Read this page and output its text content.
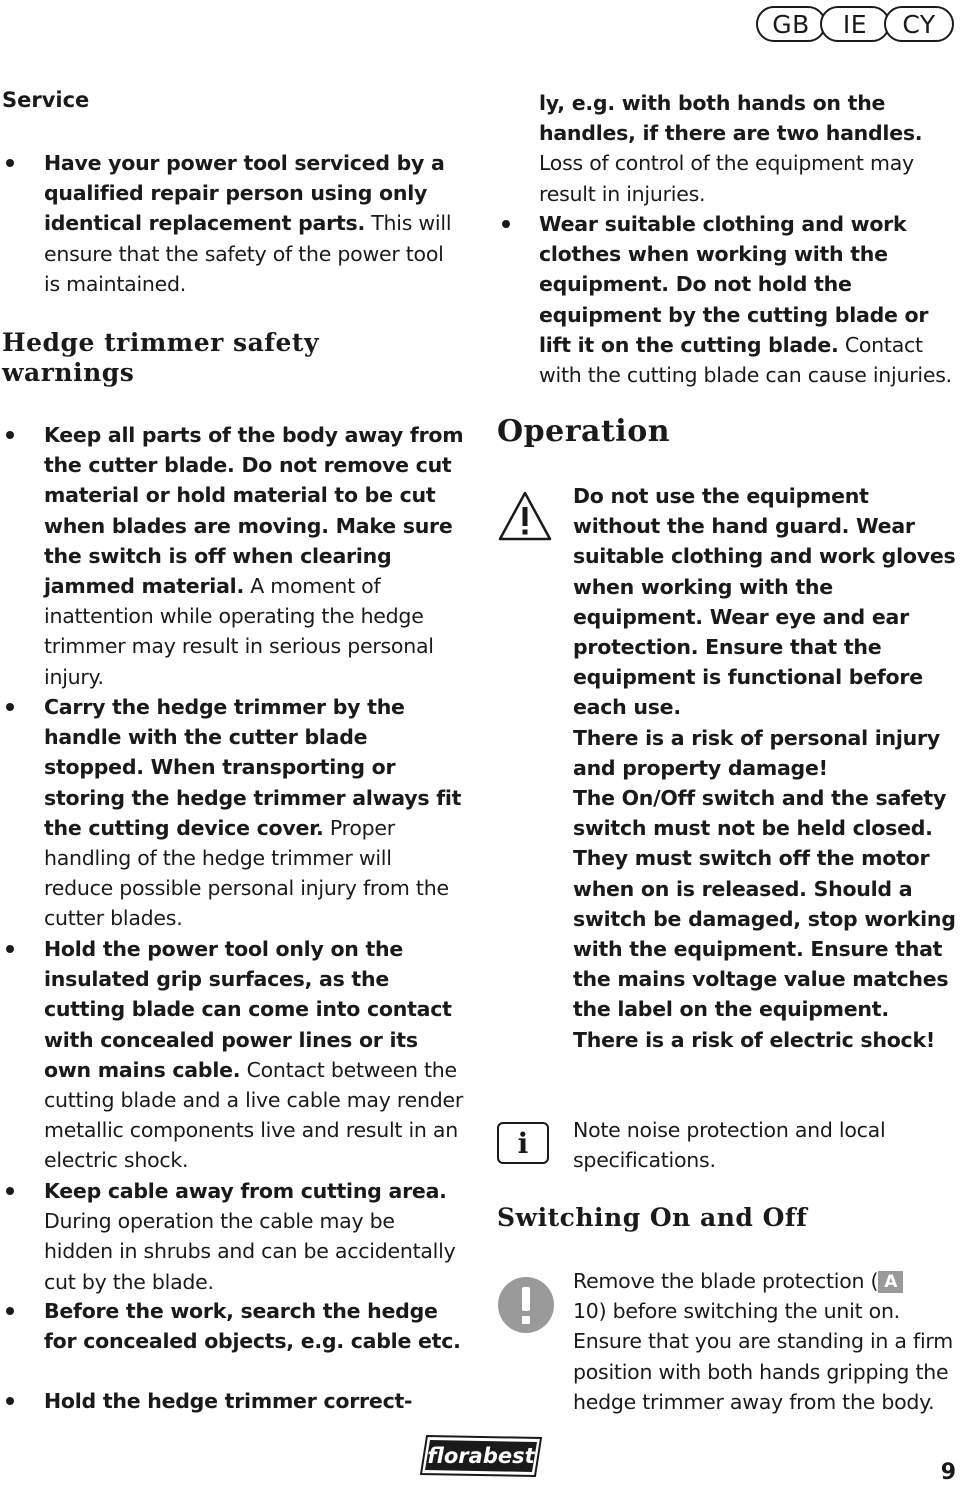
GB	IE	CY
Service
Have your power tool serviced by a qualified repair person using only identical replacement parts. This will ensure that the safety of the power tool is maintained.
Hedge trimmer safety warnings
Keep all parts of the body away from the cutter blade. Do not remove cut material or hold material to be cut when blades are moving. Make sure the switch is off when clearing jammed material. A moment of inattention while operating the hedge trimmer may result in serious personal injury.
Carry the hedge trimmer by the handle with the cutter blade stopped. When transporting or storing the hedge trimmer always fit the cutting device cover. Proper handling of the hedge trimmer will reduce possible personal injury from the cutter blades.
Hold the power tool only on the insulated grip surfaces, as the cutting blade can come into contact with concealed power lines or its own mains cable. Contact between the cutting blade and a live cable may render metallic components live and result in an electric shock.
Keep cable away from cutting area. During operation the cable may be hidden in shrubs and can be accidentally cut by the blade.
Before the work, search the hedge for concealed objects, e.g. cable etc.
Hold the hedge trimmer correct-
ly, e.g. with both hands on the handles, if there are two handles. Loss of control of the equipment may result in injuries.
Wear suitable clothing and work clothes when working with the equipment. Do not hold the equipment by the cutting blade or lift it on the cutting blade. Contact with the cutting blade can cause injuries.
Operation
Do not use the equipment without the hand guard. Wear suitable clothing and work gloves when working with the equipment. Wear eye and ear protection. Ensure that the equipment is functional before each use.
There is a risk of personal injury and property damage!
The On/Off switch and the safety switch must not be held closed. They must switch off the motor when on is released. Should a switch be damaged, stop working with the equipment. Ensure that the mains voltage value matches the label on the equipment.
There is a risk of electric shock!
i	Note noise protection and local specifications.
Switching On and Off
Remove the blade protection ( A
10) before switching the unit on. Ensure that you are standing in a firm position with both hands gripping the hedge trimmer away from the body.
florabest
9
